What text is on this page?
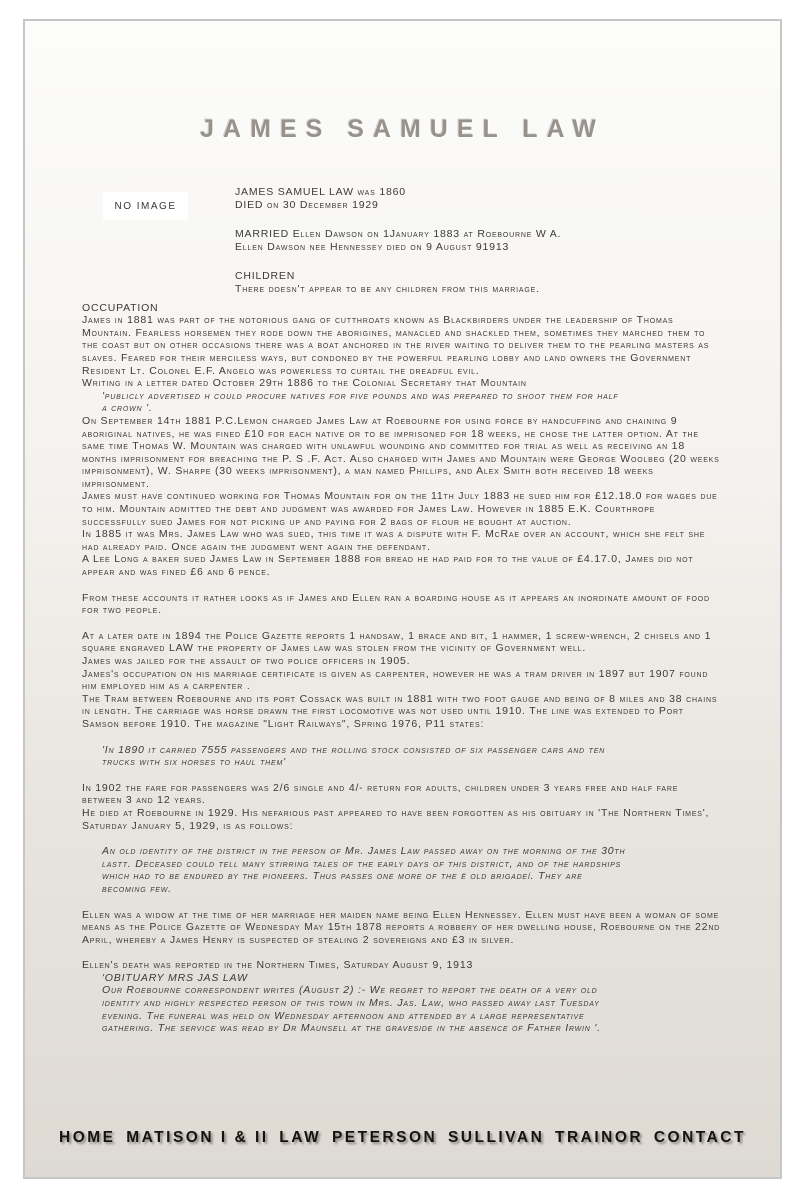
JAMES SAMUEL LAW
NO IMAGE

JAMES SAMUEL LAW was 1860

DIED on 30 December 1929

MARRIED Ellen Dawson on 1January 1883 at Roebourne W A.

Ellen Dawson nee Hennessey died on 9 August 91913

CHILDREN

There doesn't appear to be any children from this marriage.

OCCUPATION

James in 1881 was part of the notorious gang of cutthroats known as Blackbirders under the leadership of Thomas Mountain. Fearless horsemen they rode down the aborigines, manacled and shackled them, sometimes they marched them to the coast but on other occasions there was a boat anchored in the river waiting to deliver them to the pearling masters as slaves. Feared for their merciless ways, but condoned by the powerful pearling lobby and land owners the Government Resident Lt. Colonel E.F. Angelo was powerless to curtail the dreadful evil.

Writing in a letter dated October 29th 1886 to the Colonial Secretary that Mountain

'publicly advertised h could procure natives for five pounds and was prepared to shoot them for half a crown '.

On September 14th 1881 P.C.Lemon charged James Law at Roebourne for using force by handcuffing and chaining 9 aboriginal natives, he was fined £10 for each native or to be imprisoned for 18 weeks, he chose the latter option. At the same time Thomas W. Mountain was charged with unlawful wounding and committed for trial as well as receiving an 18 months imprisonment for breaching the P. S .F. Act. Also charged with James and Mountain were George Woolbeg (20 weeks imprisonment), W. Sharpe (30 weeks imprisonment), a man named Phillips, and Alex Smith both received 18 weeks imprisonment.

James must have continued working for Thomas Mountain for on the 11th July 1883 he sued him for £12.18.0 for wages due to him. Mountain admitted the debt and judgment was awarded for James Law. However in 1885 E.K. Courthrope successfully sued James for not picking up and paying for 2 bags of flour he bought at auction.

In 1885 it was Mrs. James Law who was sued, this time it was a dispute with F. McRae over an account, which she felt she had already paid. Once again the judgment went again the defendant.

A Lee Long a baker sued James Law in September 1888 for bread he had paid for to the value of £4.17.0, James did not appear and was fined £6 and 6 pence.

From these accounts it rather looks as if James and Ellen ran a boarding house as it appears an inordinate amount of food for two people.

At a later date in 1894 the Police Gazette reports 1 handsaw, 1 brace and bit, 1 hammer, 1 screw-wrench, 2 chisels and 1 square engraved LAW the property of James law was stolen from the vicinity of Government well.

James was jailed for the assault of two police officers in 1905.

James's occupation on his marriage certificate is given as carpenter, however he was a tram driver in 1897 but 1907 found him employed him as a carpenter .

The Tram between Roebourne and its port Cossack was built in 1881 with two foot gauge and being of 8 miles and 38 chains in length. The carriage was horse drawn the first locomotive was not used until 1910. The line was extended to Port Samson before 1910. The magazine "Light Railways", Spring 1976, P11 states:

'In 1890 it carried 7555 passengers and the rolling stock consisted of six passenger cars and ten trucks with six horses to haul them'

In 1902 the fare for passengers was 2/6 single and 4/- return for adults, children under 3 years free and half fare between 3 and 12 years.

He died at Roebourne in 1929. His nefarious past appeared to have been forgotten as his obituary in 'The Northern Times', Saturday January 5, 1929, is as follows:

An old identity of the district in the person of Mr. James Law passed away on the morning of the 30th lastt. Deceased could tell many stirring tales of the early days of this district, and of the hardships which had to be endured by the pioneers. Thus passes one more of the ë old brigadeí. They are becoming few.

Ellen was a widow at the time of her marriage her maiden name being Ellen Hennessey. Ellen must have been a woman of some means as the Police Gazette of Wednesday May 15th 1878 reports a robbery of her dwelling house, Roebourne on the 22nd April, whereby a James Henry is suspected of stealing 2 sovereigns and £3 in silver.

Ellen's death was reported in the Northern Times, Saturday August 9, 1913

'OBITUARY MRS JAS LAW

Our Roebourne correspondent writes (August 2) :- We regret to report the death of a very old identity and highly respected person of this town in Mrs. Jas. Law, who passed away last Tuesday evening. The funeral was held on Wednesday afternoon and attended by a large representative gathering. The service was read by Dr Maunsell at the graveside in the absence of Father Irwin '.

HOME MATISON I & II LAW PETERSON SULLIVAN TRAINOR CONTACT
